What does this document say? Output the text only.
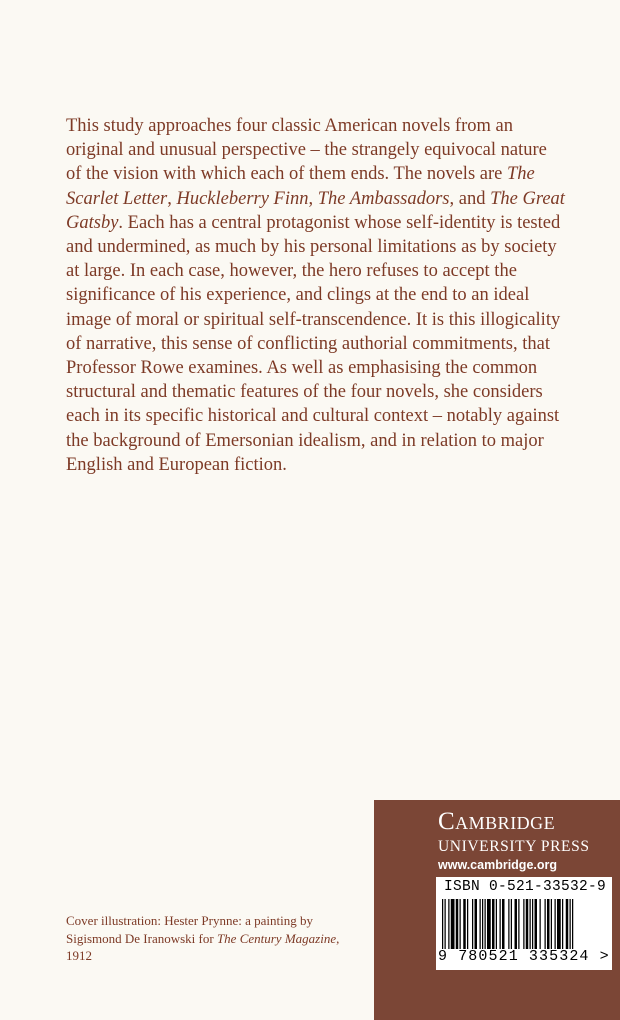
This study approaches four classic American novels from an original and unusual perspective – the strangely equivocal nature of the vision with which each of them ends. The novels are The Scarlet Letter, Huckleberry Finn, The Ambassadors, and The Great Gatsby. Each has a central protagonist whose self-identity is tested and undermined, as much by his personal limitations as by society at large. In each case, however, the hero refuses to accept the significance of his experience, and clings at the end to an ideal image of moral or spiritual self-transcendence. It is this illogicality of narrative, this sense of conflicting authorial commitments, that Professor Rowe examines. As well as emphasising the common structural and thematic features of the four novels, she considers each in its specific historical and cultural context – notably against the background of Emersonian idealism, and in relation to major English and European fiction.

Cover illustration: Hester Prynne: a painting by Sigismond De Iranowski for The Century Magazine, 1912

Cambridge
UNIVERSITY PRESS
www.cambridge.org
ISBN 0-521-33532-9
9 780521 335324 >
